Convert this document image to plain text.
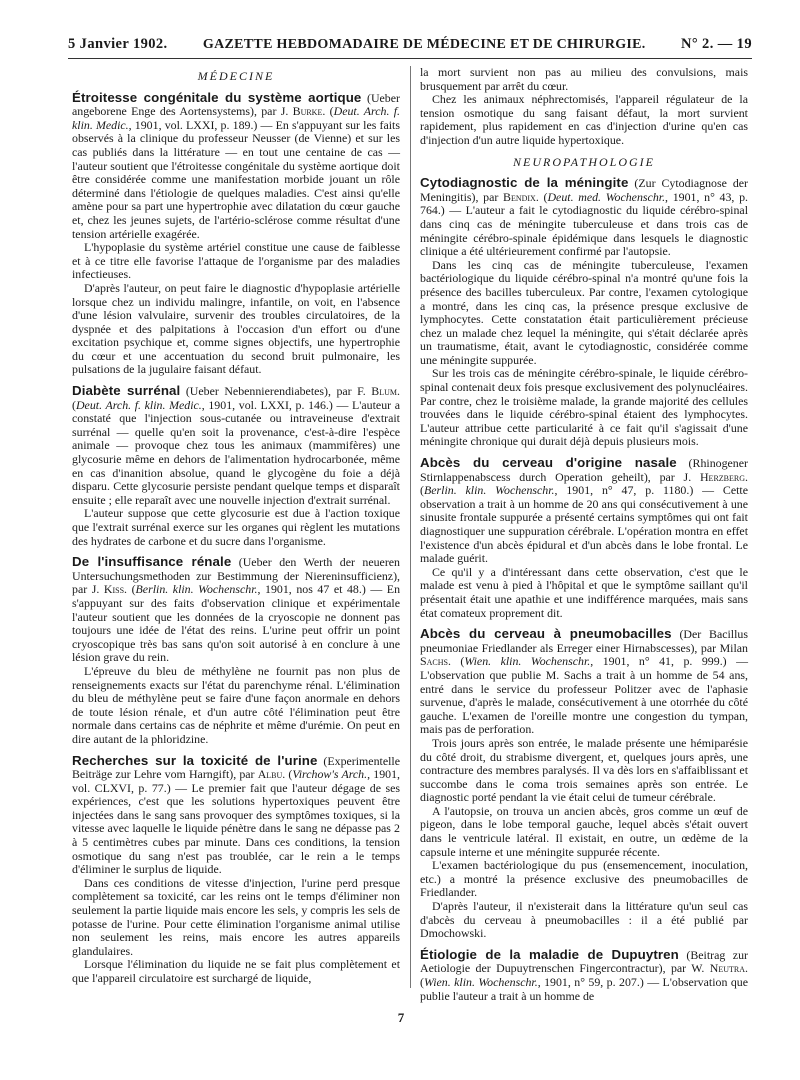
5 Janvier 1902.	GAZETTE HEBDOMADAIRE DE MÉDECINE ET DE CHIRURGIE. N° 2. — 19
MÉDECINE

Étroitesse congénitale du système aortique (Ueber angeborene Enge des Aortensystems), par J. Burke. (Deut. Arch. f. klin. Medic., 1901, vol. LXXI, p. 189.) — En s'appuyant sur les faits observés à la clinique du professeur Neusser (de Vienne) et sur les cas publiés dans la littérature — en tout une centaine de cas — l'auteur soutient que l'étroitesse congénitale du système aortique doit être considérée comme une manifestation morbide jouant un rôle déterminé dans l'étiologie de quelques maladies. C'est ainsi qu'elle amène pour sa part une hypertrophie avec dilatation du cœur gauche et, chez les jeunes sujets, de l'artério-sclérose comme résultat d'une tension artérielle exagérée.

L'hypoplasie du système artériel constitue une cause de faiblesse et à ce titre elle favorise l'attaque de l'organisme par des maladies infectieuses.

D'après l'auteur, on peut faire le diagnostic d'hypoplasie artérielle lorsque chez un individu malingre, infantile, on voit, en l'absence d'une lésion valvulaire, survenir des troubles circulatoires, de la dyspnée et des palpitations à l'occasion d'un effort ou d'une excitation psychique et, comme signes objectifs, une hypertrophie du cœur et une accentuation du second bruit pulmonaire, les pulsations de la jugulaire faisant défaut.

Diabète surrénal (Ueber Nebennierendiabetes), par F. Blum. (Deut. Arch. f. klin. Medic., 1901, vol. LXXI, p. 146.) — L'auteur a constaté que l'injection sous-cutanée ou intraveineuse d'extrait surrénal — quelle qu'en soit la provenance, c'est-à-dire l'espèce animale — provoque chez tous les animaux (mammifères) une glycosurie même en dehors de l'alimentation hydrocarbonée, même en cas d'inanition absolue, quand le glycogène du foie a déjà disparu. Cette glycosurie persiste pendant quelque temps et disparaît ensuite ; elle reparaît avec une nouvelle injection d'extrait surrénal.

L'auteur suppose que cette glycosurie est due à l'action toxique que l'extrait surrénal exerce sur les organes qui règlent les mutations des hydrates de carbone et du sucre dans l'organisme.

De l'insuffisance rénale (Ueber den Werth der neueren Untersuchungsmethoden zur Bestimmung der Niereninsufficienz), par J. Kiss. (Berlin. klin. Wochenschr., 1901, nos 47 et 48.) — En s'appuyant sur des faits d'observation clinique et expérimentale l'auteur soutient que les données de la cryoscopie ne donnent pas toujours une idée de l'état des reins. L'urine peut offrir un point cryoscopique très bas sans qu'on soit autorisé à en conclure à une lésion grave du rein.

L'épreuve du bleu de méthylène ne fournit pas non plus de renseignements exacts sur l'état du parenchyme rénal. L'élimination du bleu de méthylène peut se faire d'une façon anormale en dehors de toute lésion rénale, et d'un autre côté l'élimination peut être normale dans certains cas de néphrite et même d'urémie. On peut en dire autant de la phloridzine.

Recherches sur la toxicité de l'urine (Experimentelle Beiträge zur Lehre vom Harngift), par Albu. (Virchow's Arch., 1901, vol. CLXVI, p. 77.) — Le premier fait que l'auteur dégage de ses expériences, c'est que les solutions hypertoxiques peuvent être injectées dans le sang sans provoquer des symptômes toxiques, si la vitesse avec laquelle le liquide pénètre dans le sang ne dépasse pas 2 à 5 centimètres cubes par minute. Dans ces conditions, la tension osmotique du sang n'est pas troublée, car le rein a le temps d'éliminer le surplus de liquide.

Dans ces conditions de vitesse d'injection, l'urine perd presque complètement sa toxicité, car les reins ont le temps d'éliminer non seulement la partie liquide mais encore les sels, y compris les sels de potasse de l'urine. Pour cette élimination l'organisme animal utilise non seulement les reins, mais encore les autres appareils glandulaires.

Lorsque l'élimination du liquide ne se fait plus complètement et que l'appareil circulatoire est surchargé de liquide,

la mort survient non pas au milieu des convulsions, mais brusquement par arrêt du cœur.

Chez les animaux néphrectomisés, l'appareil régulateur de la tension osmotique du sang faisant défaut, la mort survient rapidement, plus rapidement en cas d'injection d'urine qu'en cas d'injection d'un autre liquide hypertoxique.

NEUROPATHOLOGIE

Cytodiagnostic de la méningite (Zur Cytodiagnose der Meningitis), par Bendix. (Deut. med. Wochenschr., 1901, n° 43, p. 764.) — L'auteur a fait le cytodiagnostic du liquide cérébro-spinal dans cinq cas de méningite tuberculeuse et dans trois cas de méningite cérébro-spinale épidémique dans lesquels le diagnostic clinique a été ultérieurement confirmé par l'autopsie.

Dans les cinq cas de méningite tuberculeuse, l'examen bactériologique du liquide cérébro-spinal n'a montré qu'une fois la présence des bacilles tuberculeux. Par contre, l'examen cytologique a montré, dans les cinq cas, la présence presque exclusive de lymphocytes. Cette constatation était particulièrement précieuse chez un malade chez lequel la méningite, qui s'était déclarée après un traumatisme, était, avant le cytodiagnostic, considérée comme une méningite suppurée.

Sur les trois cas de méningite cérébro-spinale, le liquide cérébro-spinal contenait deux fois presque exclusivement des polynucléaires. Par contre, chez le troisième malade, la grande majorité des cellules trouvées dans le liquide cérébro-spinal étaient des lymphocytes. L'auteur attribue cette particularité à ce fait qu'il s'agissait d'une méningite chronique qui durait déjà depuis plusieurs mois.

Abcès du cerveau d'origine nasale (Rhinogener Stirnlappenabscess durch Operation geheilt), par J. Herzberg. (Berlin. klin. Wochenschr., 1901, n° 47, p. 1180.) — Cette observation a trait à un homme de 20 ans qui consécutivement à une sinusite frontale suppurée a présenté certains symptômes qui ont fait diagnostiquer une suppuration cérébrale. L'opération montra en effet l'existence d'un abcès épidural et d'un abcès dans le lobe frontal. Le malade guérit.

Ce qu'il y a d'intéressant dans cette observation, c'est que le malade est venu à pied à l'hôpital et que le symptôme saillant qu'il présentait était une apathie et une indifférence marquées, mais sans état comateux proprement dit.

Abcès du cerveau à pneumobacilles (Der Bacillus pneumoniae Friedlander als Erreger einer Hirnabscesses), par Milan Sachs. (Wien. klin. Wochenschr., 1901, n° 41, p. 999.) — L'observation que publie M. Sachs a trait à un homme de 54 ans, entré dans le service du professeur Politzer avec de l'aphasie survenue, d'après le malade, consécutivement à une otorrhée du côté gauche. L'examen de l'oreille montre une congestion du tympan, mais pas de perforation.

Trois jours après son entrée, le malade présente une hémiparésie du côté droit, du strabisme divergent, et, quelques jours après, une contracture des membres paralysés. Il va dès lors en s'affaiblissant et succombe dans le coma trois semaines après son entrée. Le diagnostic porté pendant la vie était celui de tumeur cérébrale.

A l'autopsie, on trouva un ancien abcès, gros comme un œuf de pigeon, dans le lobe temporal gauche, lequel abcès s'était ouvert dans le ventricule latéral. Il existait, en outre, un œdème de la capsule interne et une méningite suppurée récente.

L'examen bactériologique du pus (ensemencement, inoculation, etc.) a montré la présence exclusive des pneumobacilles de Friedlander.

D'après l'auteur, il n'existerait dans la littérature qu'un seul cas d'abcès du cerveau à pneumobacilles : il a été publié par Dmochowski.

Étiologie de la maladie de Dupuytren (Beitrag zur Aetiologie der Dupuytrenschen Fingercontractur), par W. Neutra. (Wien. klin. Wochenschr., 1901, n° 59, p. 207.) — L'observation que publie l'auteur a trait à un homme de

7
